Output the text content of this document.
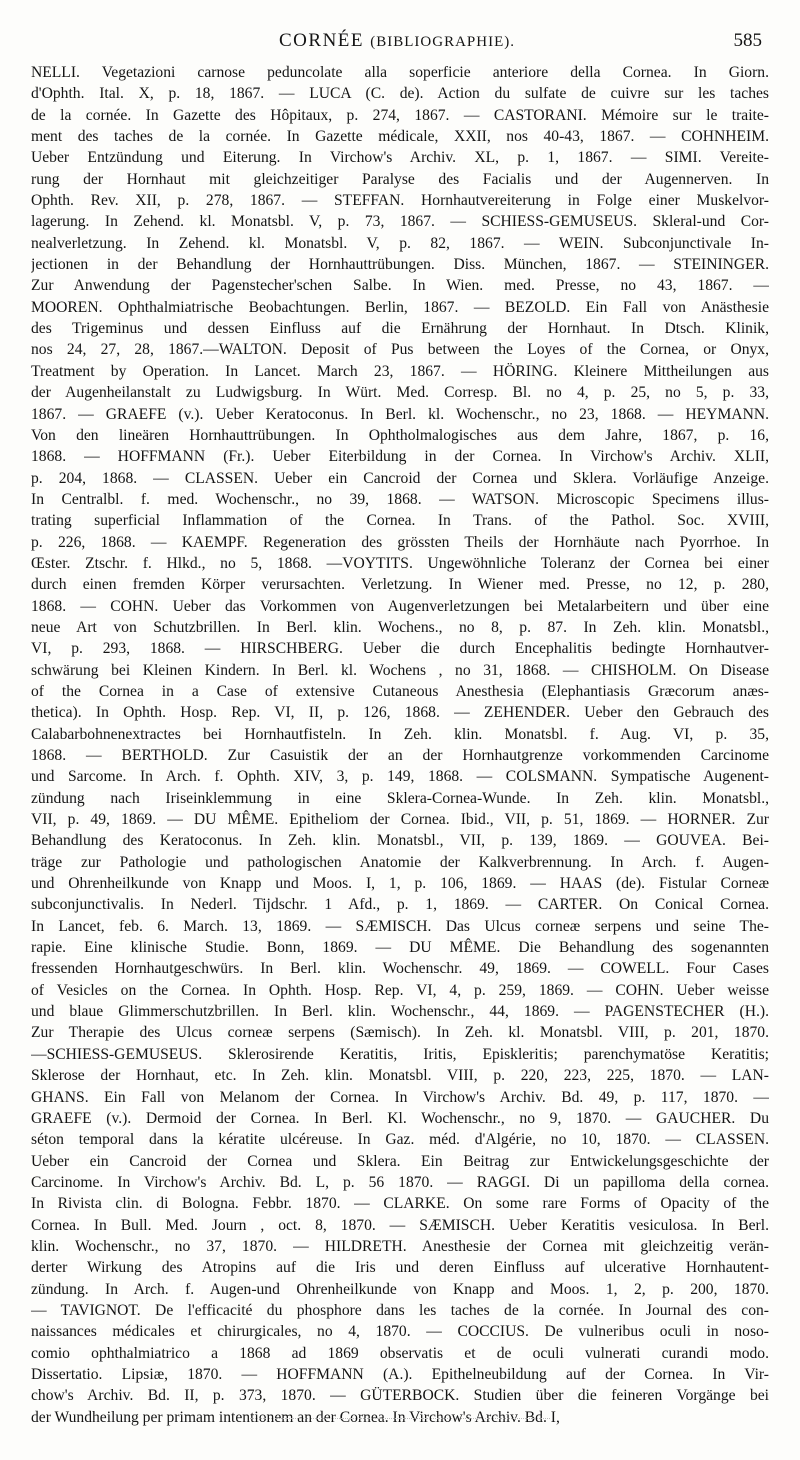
CORNÉE (BIBLIOGRAPHIE).	585
NELLI. Vegetazioni carnose peduncolate alla soperficie anteriore della Cornea. In Giorn.
d'Ophth. Ital. X, p. 18, 1867. — LUCA (C. de). Action du sulfate de cuivre sur les taches
de la cornée. In Gazette des Hôpitaux, p. 274, 1867. — CASTORANI. Mémoire sur le traite-
ment des taches de la cornée. In Gazette médicale, XXII, nos 40-43, 1867. — COHNHEIM.
Ueber Entzündung und Eiterung. In Virchow's Archiv. XL, p. 1, 1867. — SIMI. Vereite-
rung der Hornhaut mit gleichzeitiger Paralyse des Facialis und der Augennerven. In
Ophth. Rev. XII, p. 278, 1867. — STEFFAN. Hornhautvereiterung in Folge einer Muskelvor-
lagerung. In Zehend. kl. Monatsbl. V, p. 73, 1867. — SCHIESS-GEMUSEUS. Skleral-und Cor-
nealverletzung. In Zehend. kl. Monatsbl. V, p. 82, 1867. — WEIN. Subconjunctivale In-
jectionen in der Behandlung der Hornhauttrübungen. Diss. München, 1867. — STEININGER.
Zur Anwendung der Pagenstecher'schen Salbe. In Wien. med. Presse, no 43, 1867. —
MOOREN. Ophthalmiatrische Beobachtungen. Berlin, 1867. — BEZOLD. Ein Fall von Anästhesie
des Trigeminus und dessen Einfluss auf die Ernährung der Hornhaut. In Dtsch. Klinik,
nos 24, 27, 28, 1867.—WALTON. Deposit of Pus between the Loyes of the Cornea, or Onyx,
Treatment by Operation. In Lancet. March 23, 1867. — HÖRING. Kleinere Mittheilungen aus
der Augenheilanstalt zu Ludwigsburg. In Würt. Med. Corresp. Bl. no 4, p. 25, no 5, p. 33,
1867. — GRAEFE (v.). Ueber Keratoconus. In Berl. kl. Wochenschr., no 23, 1868. — HEYMANN.
Von den lineären Hornhauttrübungen. In Ophtholmalogisches aus dem Jahre, 1867, p. 16,
1868. — HOFFMANN (Fr.). Ueber Eiterbildung in der Cornea. In Virchow's Archiv. XLII,
p. 204, 1868. — CLASSEN. Ueber ein Cancroid der Cornea und Sklera. Vorläufige Anzeige.
In Centralbl. f. med. Wochenschr., no 39, 1868. — WATSON. Microscopic Specimens illus-
trating superficial Inflammation of the Cornea. In Trans. of the Pathol. Soc. XVIII,
p. 226, 1868. — KAEMPF. Regeneration des grössten Theils der Hornhäute nach Pyorrhoe. In
Œster. Ztschr. f. Hlkd., no 5, 1868. —VOYTITS. Ungewöhnliche Toleranz der Cornea bei einer
durch einen fremden Körper verursachten. Verletzung. In Wiener med. Presse, no 12, p. 280,
1868. — COHN. Ueber das Vorkommen von Augenverletzungen bei Metalarbeitern und über eine
neue Art von Schutzbrillen. In Berl. klin. Wochens., no 8, p. 87. In Zeh. klin. Monatsbl.,
VI, p. 293, 1868. — HIRSCHBERG. Ueber die durch Encephalitis bedingte Hornhautver-
schwärung bei Kleinen Kindern. In Berl. kl. Wochens , no 31, 1868. — CHISHOLM. On Disease
of the Cornea in a Case of extensive Cutaneous Anesthesia (Elephantiasis Græcorum anæs-
thetica). In Ophth. Hosp. Rep. VI, II, p. 126, 1868. — ZEHENDER. Ueber den Gebrauch des
Calabarbohnenextractes bei Hornhautfisteln. In Zeh. klin. Monatsbl. f. Aug. VI, p. 35,
1868. — BERTHOLD. Zur Casuistik der an der Hornhautgrenze vorkommenden Carcinome
und Sarcome. In Arch. f. Ophth. XIV, 3, p. 149, 1868. — COLSMANN. Sympatische Augenent-
zündung nach Iriseinklemmung in eine Sklera-Cornea-Wunde. In Zeh. klin. Monatsbl.,
VII, p. 49, 1869. — DU MÊME. Epitheliom der Cornea. Ibid., VII, p. 51, 1869. — HORNER. Zur
Behandlung des Keratoconus. In Zeh. klin. Monatsbl., VII, p. 139, 1869. — GOUVEA. Bei-
träge zur Pathologie und pathologischen Anatomie der Kalkverbrennung. In Arch. f. Augen-
und Ohrenheilkunde von Knapp und Moos. I, 1, p. 106, 1869. — HAAS (de). Fistular Corneæ
subconjunctivalis. In Nederl. Tijdschr. 1 Afd., p. 1, 1869. — CARTER. On Conical Cornea.
In Lancet, feb. 6. March. 13, 1869. — SÆMISCH. Das Ulcus corneæ serpens und seine The-
rapie. Eine klinische Studie. Bonn, 1869. — DU MÊME. Die Behandlung des sogenannten
fressenden Hornhautgeschwürs. In Berl. klin. Wochenschr. 49, 1869. — COWELL. Four Cases
of Vesicles on the Cornea. In Ophth. Hosp. Rep. VI, 4, p. 259, 1869. — COHN. Ueber weisse
und blaue Glimmerschutzbrillen. In Berl. klin. Wochenschr., 44, 1869. — PAGENSTECHER (H.).
Zur Therapie des Ulcus corneæ serpens (Sæmisch). In Zeh. kl. Monatsbl. VIII, p. 201, 1870.
—SCHIESS-GEMUSEUS. Sklerosirende Keratitis, Iritis, Episkleritis; parenchymatöse Keratitis;
Sklerose der Hornhaut, etc. In Zeh. klin. Monatsbl. VIII, p. 220, 223, 225, 1870. — LAN-
GHANS. Ein Fall von Melanom der Cornea. In Virchow's Archiv. Bd. 49, p. 117, 1870. —
GRAEFE (v.). Dermoid der Cornea. In Berl. Kl. Wochenschr., no 9, 1870. — GAUCHER. Du
séton temporal dans la kératite ulcéreuse. In Gaz. méd. d'Algérie, no 10, 1870. — CLASSEN.
Ueber ein Cancroid der Cornea und Sklera. Ein Beitrag zur Entwickelungsgeschichte der
Carcinome. In Virchow's Archiv. Bd. L, p. 56 1870. — RAGGI. Di un papilloma della cornea.
In Rivista clin. di Bologna. Febbr. 1870. — CLARKE. On some rare Forms of Opacity of the
Cornea. In Bull. Med. Journ , oct. 8, 1870. — SÆMISCH. Ueber Keratitis vesiculosa. In Berl.
klin. Wochenschr., no 37, 1870. — HILDRETH. Anesthesie der Cornea mit gleichzeitig verän-
derter Wirkung des Atropins auf die Iris und deren Einfluss auf ulcerative Hornhautent-
zündung. In Arch. f. Augen-und Ohrenheilkunde von Knapp and Moos. 1, 2, p. 200, 1870.
— TAVIGNOT. De l'efficacité du phosphore dans les taches de la cornée. In Journal des con-
naissances médicales et chirurgicales, no 4, 1870. — COCCIUS. De vulneribus oculi in noso-
comio ophthalmiatrico a 1868 ad 1869 observatis et de oculi vulnerati curandi modo.
Dissertatio. Lipsiæ, 1870. — HOFFMANN (A.). Epithelneubildung auf der Cornea. In Vir-
chow's Archiv. Bd. II, p. 373, 1870. — GÜTERBOCK. Studien über die feineren Vorgänge bei
der Wundheilung per primam intentionem an der Cornea. In Virchow's Archiv. Bd. I,
